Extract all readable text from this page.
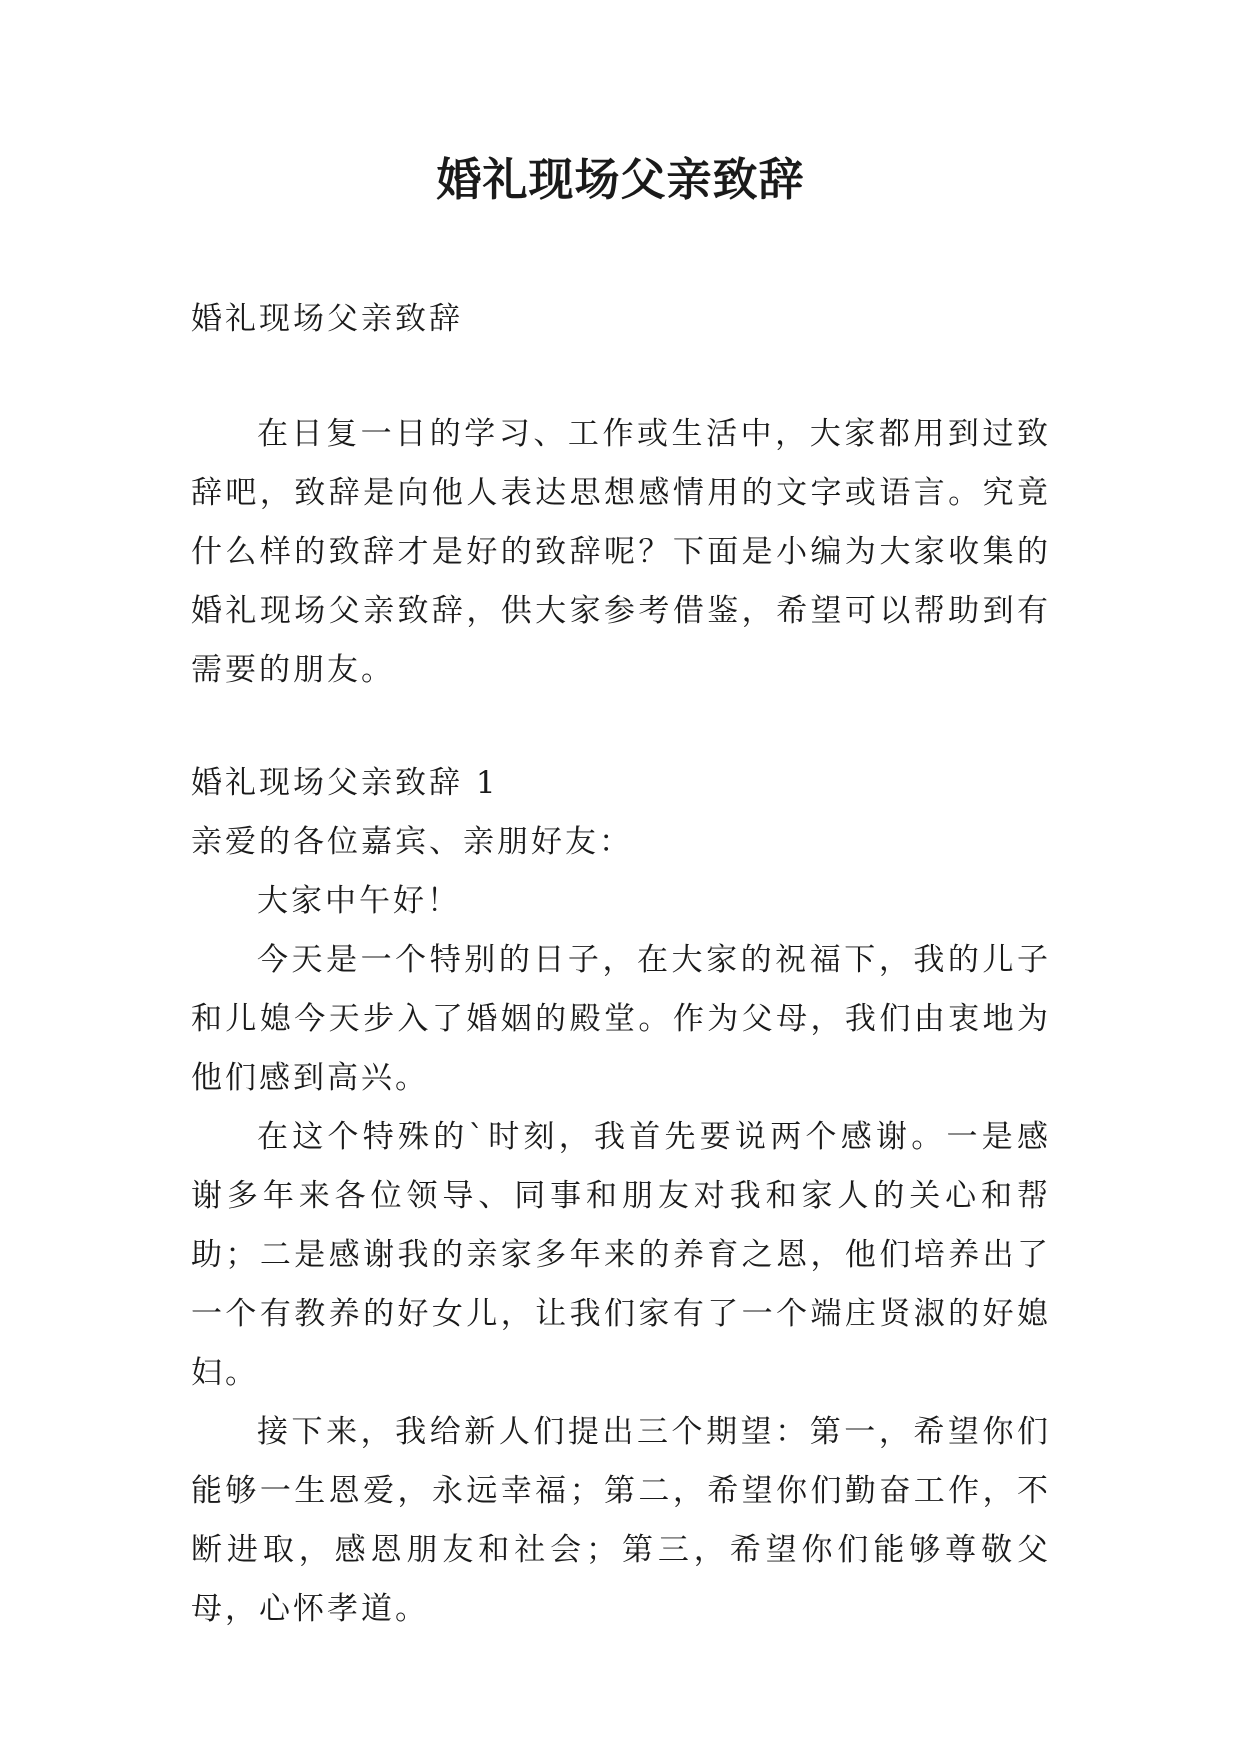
婚礼现场父亲致辞

婚礼现场父亲致辞

在日复一日的学习、工作或生活中，大家都用到过致辞吧，致辞是向他人表达思想感情用的文字或语言。究竟什么样的致辞才是好的致辞呢？下面是小编为大家收集的婚礼现场父亲致辞，供大家参考借鉴，希望可以帮助到有需要的朋友。

婚礼现场父亲致辞 1

亲爱的各位嘉宾、亲朋好友：

大家中午好！

今天是一个特别的日子，在大家的祝福下，我的儿子和儿媳今天步入了婚姻的殿堂。作为父母，我们由衷地为他们感到高兴。

在这个特殊的`时刻，我首先要说两个感谢。一是感谢多年来各位领导、同事和朋友对我和家人的关心和帮助；二是感谢我的亲家多年来的养育之恩，他们培养出了一个有教养的好女儿，让我们家有了一个端庄贤淑的好媳妇。

接下来，我给新人们提出三个期望：第一，希望你们能够一生恩爱，永远幸福；第二，希望你们勤奋工作，不断进取，感恩朋友和社会；第三，希望你们能够尊敬父母，心怀孝道。
